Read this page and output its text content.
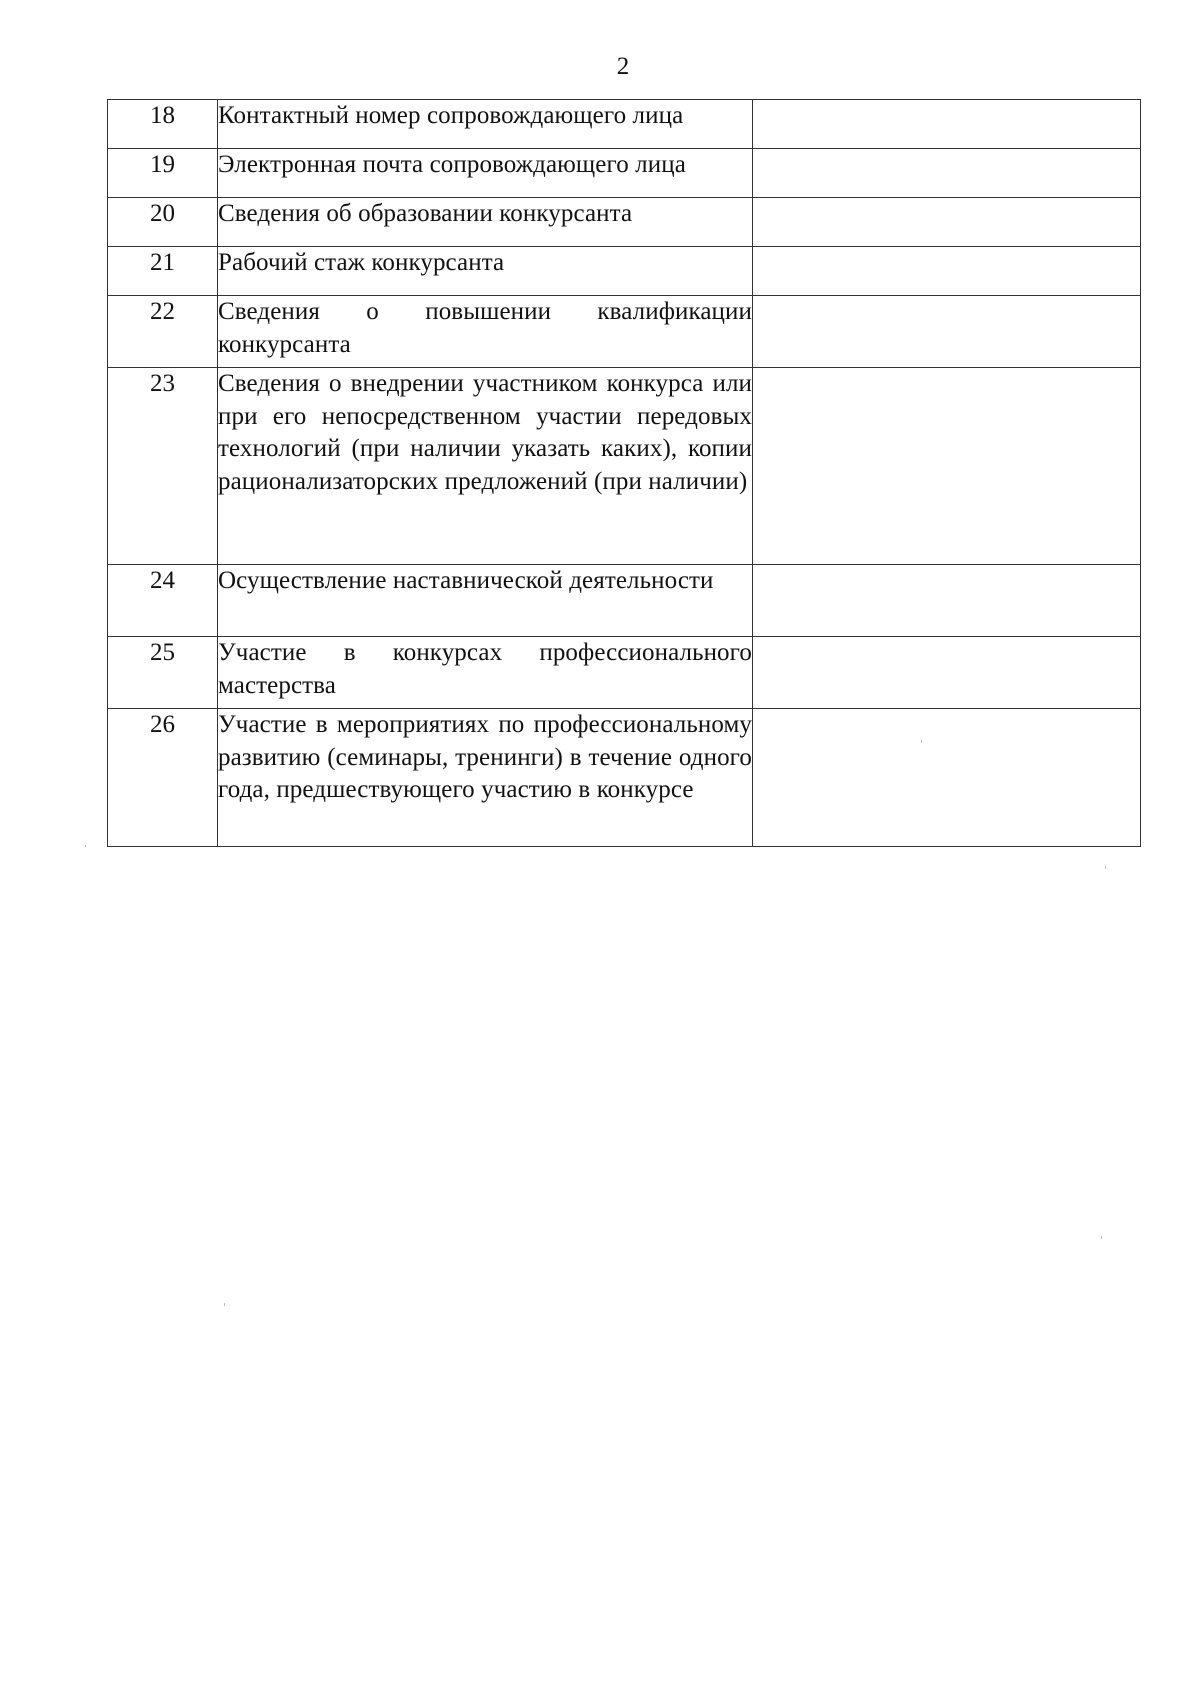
2
18	Контактный номер сопровождающего лица	
19	Электронная почта сопровождающего лица	
20	Сведения об образовании конкурсанта	
21	Рабочий стаж конкурсанта	
22	Сведения о повышении квалификации конкурсанта	
23	Сведения о внедрении участником конкурса или при его непосредственном участии передовых технологий (при наличии указать каких), копии рационализаторских предложений (при наличии)	
24	Осуществление наставнической деятельности	
25	Участие в конкурсах профессионального мастерства	
26	Участие в мероприятиях по профессиональному развитию (семинары, тренинги) в течение одного года, предшествующего участию в конкурсе	
